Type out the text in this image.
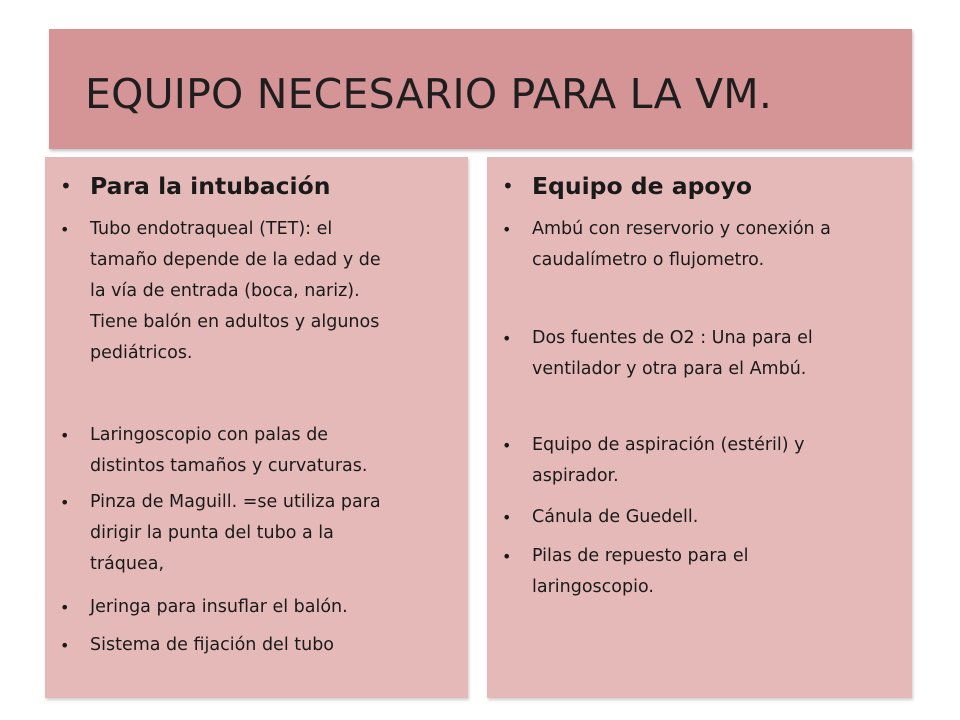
EQUIPO NECESARIO PARA LA VM.
• Para la intubación
• Tubo endotraqueal (TET): el
tamaño depende de la edad y de
la vía de entrada (boca, nariz).
Tiene balón en adultos y algunos
pediátricos.
• Laringoscopio con palas de
distintos tamaños y curvaturas.
• Pinza de Maguill. =se utiliza para
dirigir la punta del tubo a la
tráquea,
• Jeringa para insuflar el balón.
• Sistema de fijación del tubo
• Equipo de apoyo
• Ambú con reservorio y conexión a
caudalímetro o flujometro.
• Dos fuentes de O2 : Una para el
ventilador y otra para el Ambú.
• Equipo de aspiración (estéril) y
aspirador.
• Cánula de Guedell.
• Pilas de repuesto para el
laringoscopio.
